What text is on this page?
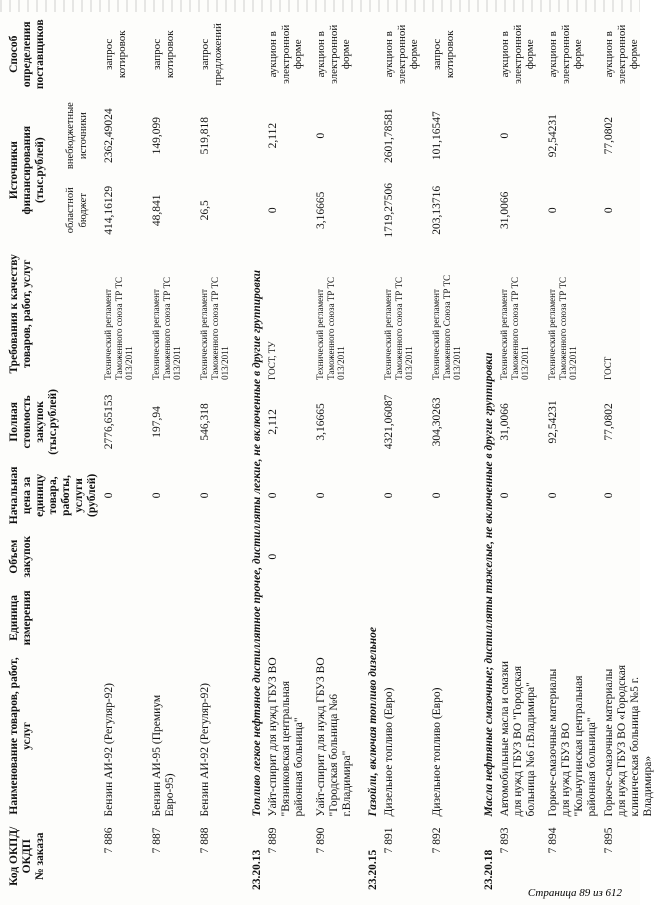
Код ОКПД/ ОКДП № заказа	Наименование товаров, работ, услуг	Единица измерения	Объем закупок	Начальная цена за единицу товара, работы, услуги (рублей)	Полная стоимость закупок (тыс.рублей)	Требования к качеству товаров, работ, услуг	Источники финансирования (тыс.рублей)		Способ определения поставщиков
							областной бюджет	внебюджетные источники	
7 886	Бензин АИ-92 (Регуляр-92)			0	2776,65153	Технический регламент Таможенного союза ТР ТС 013/2011	414,16129	2362,49024	запрос котировок
7 887	Бензин АИ-95 (Премиум Евро-95)			0	197,94	Технический регламент Таможенного союза ТР ТС 013/2011	48,841	149,099	запрос котировок
7 888	Бензин АИ-92 (Регуляр-92)			0	546,318	Технический регламент Таможенного союза ТР ТС 013/2011	26,5	519,818	запрос предложений
23.20.13	Топливо легкое нефтяное дистиллятное прочее, дистилляты легкие, не включенные в другие группировки								
7 889	Уайт-спирит для нужд ГБУЗ ВО "Вязниковская центральная районная больница"		0	0	2,112	ГОСТ, ТУ	0	2,112	аукцион в электронной форме
7 890	Уайт-спирит для нужд ГБУЗ ВО "Городская больница №6 г.Владимира"			0	3,16665	Технический регламент Таможенного союза ТР ТС 013/2011	3,16665	0	аукцион в электронной форме
23.20.15	Газойли, включая топливо дизельное								
7 891	Дизельное топливо (Евро)			0	4321,06087	Технический регламент Таможенного союза ТР ТС 013/2011	1719,27506	2601,78581	аукцион в электронной форме
7 892	Дизельное топливо (Евро)			0	304,30263	Технический регламент Таможенного Союза ТР ТС 013/2011	203,13716	101,16547	запрос котировок
23.20.18	Масла нефтяные смазочные; дистилляты тяжелые, не включенные в другие группировки								
7 893	Автомобильные масла и смазки для нужд ГБУЗ ВО "Городская больница №6 г.Владимира"			0	31,0066	Технический регламент Таможенного союза ТР ТС 013/2011	31,0066	0	аукцион в электронной форме
7 894	Горюче-смазочные материалы для нужд ГБУЗ ВО "Кольчугинская центральная районная больница"			0	92,54231	Технический регламент Таможенного союза ТР ТС 013/2011	0	92,54231	аукцион в электронной форме
7 895	Горюче-смазочные материалы для нужд ГБУЗ ВО «Городская клиническая больница №5 г. Владимира»			0	77,0802	ГОСТ	0	77,0802	аукцион в электронной форме
Страница 89 из 612
